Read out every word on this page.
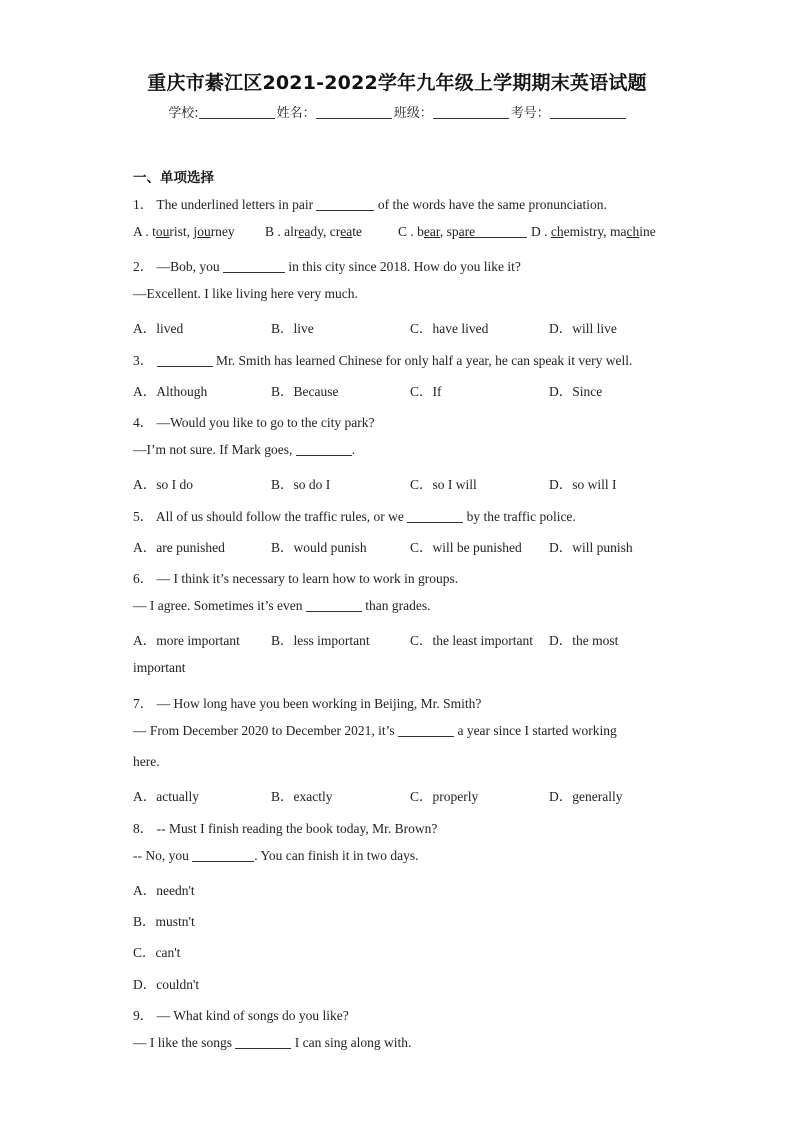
重庆市綦江区2021-2022学年九年级上学期期末英语试题
学校:	姓名：	班级：	考号：
一、单项选择
1． The underlined letters in pair	of the words have the same pronunciation.
A . tourist, journey B . already, create	C . bear, spare	D . chemistry, machine
2． —Bob, you	in this city since 2018. How do you like it?
—Excellent. I like living here very much.
A．lived	B．live	C．have lived	D．will live
3．	Mr. Smith has learned Chinese for only half a year, he can speak it very well.
A．Although	B．Because	C．If	D．Since
4． —Would you like to go to the city park?
—I’m not sure. If Mark goes,	.
A．so I do	B．so do I	C．so I will	D．so will I
5． All of us should follow the traffic rules, or we	by the traffic police.
A．are punished	B．would punish	C．will be punished D．will punish
6． — I think it’s necessary to learn how to work in groups.
— I agree. Sometimes it’s even	than grades.
A．more important B．less important	C．the least important D．the most
important
7． — How long have you been working in Beijing, Mr. Smith?
— From December 2020 to December 2021, it’s	a year since I started working
here.
A．actually	B．exactly	C．properly	D．generally
8． -- Must I finish reading the book today, Mr. Brown?
-- No, you	. You can finish it in two days.
A．needn't
B．mustn't
C．can't
D．couldn't
9． — What kind of songs do you like?
— I like the songs	I can sing along with.
